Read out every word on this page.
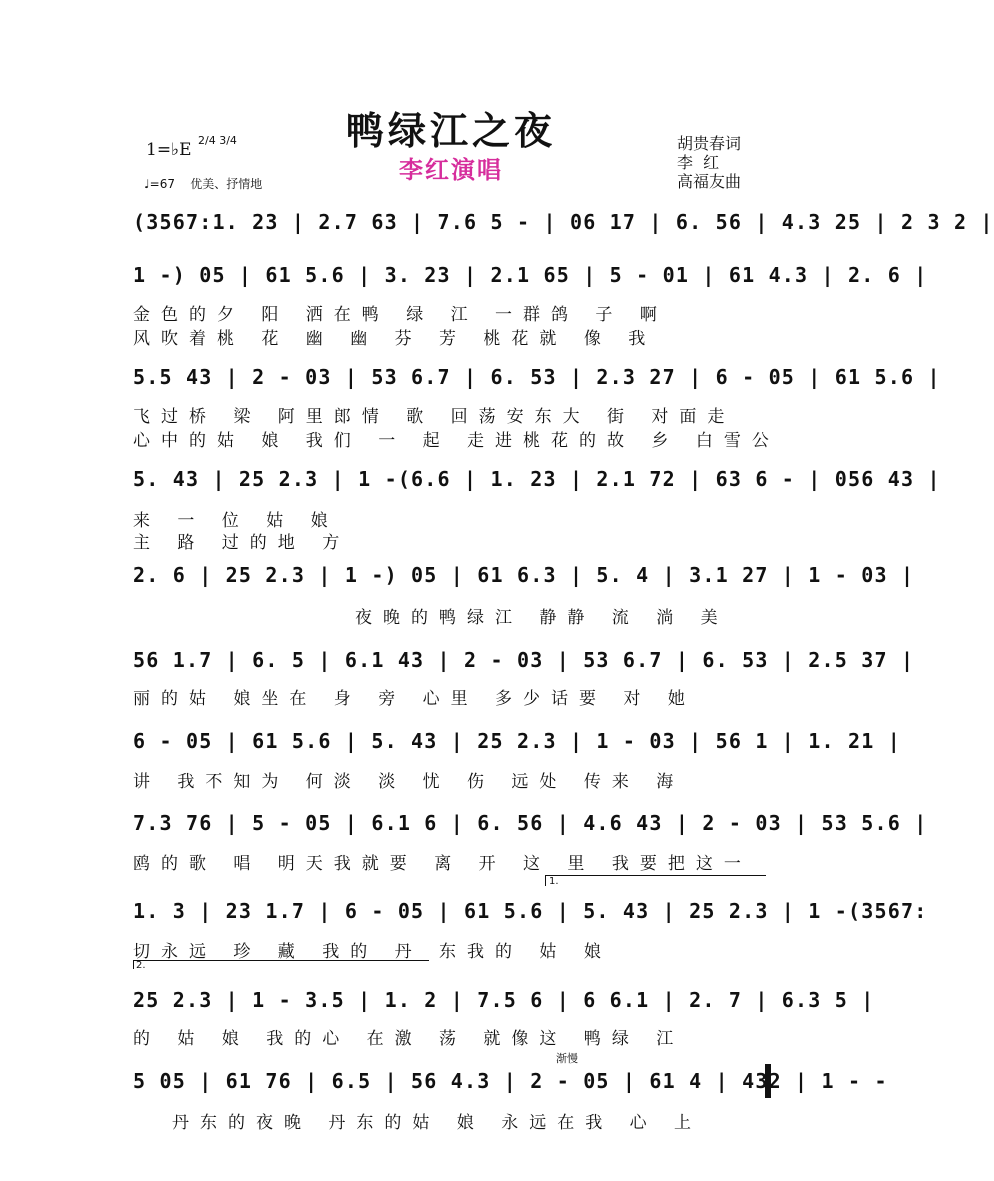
鸭绿江之夜
李红演唱
1=♭E 2/4 3/4
♩=67 优美、抒情地
胡贵春词
李  红
高福友曲
(3567:1. 23 | 2.7 63 | 7.6 5 - | 06 17 | 6. 56 | 4.3 25 | 2 3 2 |
1 -) 05 | 61 5.6 | 3. 23 | 2.1 65 | 5 - 01 | 61 4.3 | 2. 6 |
金色的夕 阳 洒在鸭 绿 江 一群鸽 子 啊
风吹着桃 花 幽 幽 芬 芳 桃花就 像 我
5.5 43 | 2 - 03 | 53 6.7 | 6. 53 | 2.3 27 | 6 - 05 | 61 5.6 |
飞过桥 梁 阿里郎情 歌 回荡安东大 街 对面走
心中的姑 娘 我们 一 起 走进桃花的故 乡 白雪公
5. 43 | 25 2.3 | 1 -(6.6 | 1. 23 | 2.1 72 | 63 6 - | 056 43 |
来 一 位 姑 娘
主 路 过的地 方
2. 6 | 25 2.3 | 1 -) 05 | 61 6.3 | 5. 4 | 3.1 27 | 1 - 03 |
夜晚的鸭绿江 静静 流 淌 美
56 1.7 | 6. 5 | 6.1 43 | 2 - 03 | 53 6.7 | 6. 53 | 2.5 37 |
丽的姑 娘坐在 身 旁 心里 多少话要 对 她
6 - 05 | 61 5.6 | 5. 43 | 25 2.3 | 1 - 03 | 56 1 | 1. 21 |
讲 我不知为 何淡 淡 忧 伤 远处 传来 海
7.3 76 | 5 - 05 | 6.1 6 | 6. 56 | 4.6 43 | 2 - 03 | 53 5.6 |
鸥的歌 唱 明天我就要 离 开 这 里 我要把这一
1.
1. 3 | 23 1.7 | 6 - 05 | 61 5.6 | 5. 43 | 25 2.3 | 1 -(3567:
切永远 珍 藏 我的 丹 东我的 姑 娘
2.
25 2.3 | 1 - 3.5 | 1. 2 | 7.5 6 | 6 6.1 | 2. 7 | 6.3 5 |
的 姑 娘 我的心 在激 荡 就像这 鸭绿 江
渐慢
5 05 | 61 76 | 6.5 | 56 4.3 | 2 - 05 | 61 4 | 432 | 1 - -
丹东的夜晚 丹东的姑 娘 永远在我 心 上
